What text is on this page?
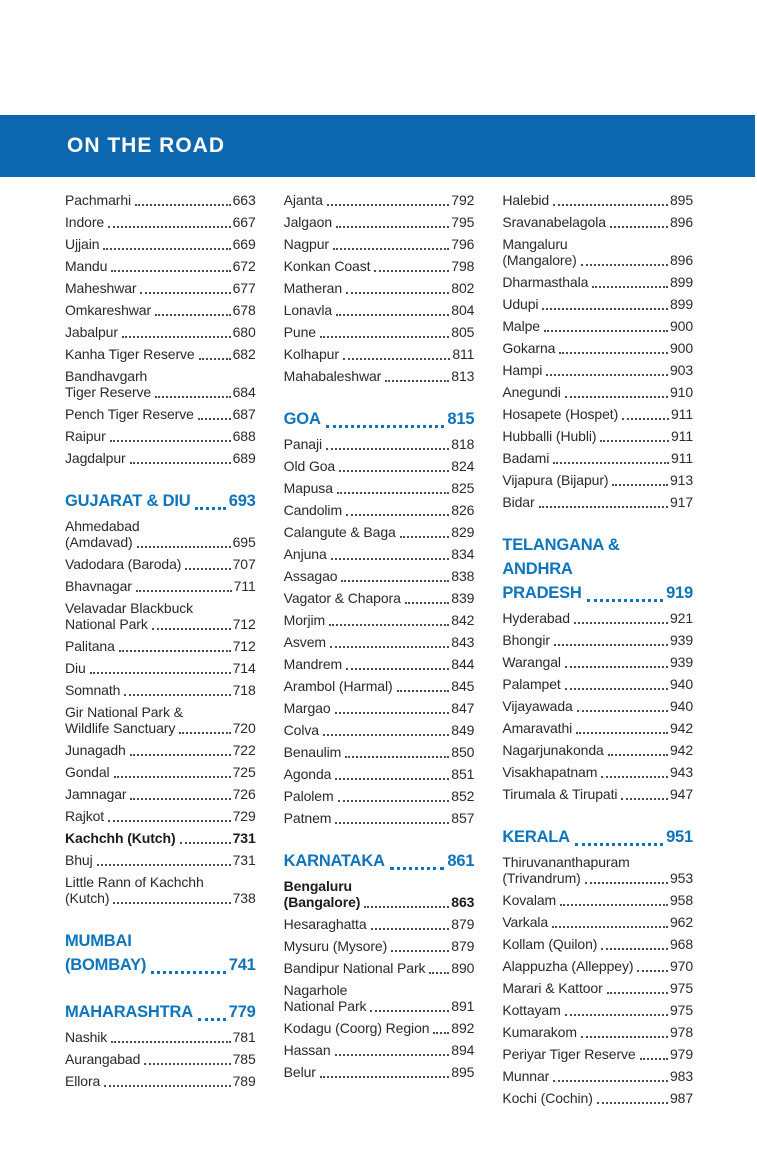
ON THE ROAD
Pachmarhi	663
Indore	667
Ujjain	669
Mandu	672
Maheshwar	677
Omkareshwar	678
Jabalpur	680
Kanha Tiger Reserve	682
Bandhavgarh
Tiger Reserve	684
Pench Tiger Reserve	687
Raipur	688
Jagdalpur	689
GUJARAT & DIU 693
Ahmedabad
(Amdavad)	695
Vadodara (Baroda)	707
Bhavnagar	711
Velavadar Blackbuck
National Park	712
Palitana	712
Diu	714
Somnath	718
Gir National Park &
Wildlife Sanctuary	720
Junagadh	722
Gondal	725
Jamnagar	726
Rajkot	729
Kachchh (Kutch)	731
Bhuj	731
Little Rann of Kachchh
(Kutch)	738
MUMBAI
(BOMBAY)	741
MAHARASHTRA 779
Nashik	781
Aurangabad	785
Ellora	789
Ajanta	792
Jalgaon	795
Nagpur	796
Konkan Coast	798
Matheran	802
Lonavla	804
Pune	805
Kolhapur	811
Mahabaleshwar	813
GOA	815
Panaji	818
Old Goa	824
Mapusa	825
Candolim	826
Calangute & Baga	829
Anjuna	834
Assagao	838
Vagator & Chapora	839
Morjim	842
Asvem	843
Mandrem	844
Arambol (Harmal)	845
Margao	847
Colva	849
Benaulim	850
Agonda	851
Palolem	852
Patnem	857
KARNATAKA	861
Bengaluru
(Bangalore)	863
Hesaraghatta	879
Mysuru (Mysore)	879
Bandipur National Park 890
Nagarhole
National Park	891
Kodagu (Coorg) Region 892
Hassan	894
Belur	895
Halebid	895
Sravanabelagola	896
Mangaluru
(Mangalore)	896
Dharmasthala	899
Udupi	899
Malpe	900
Gokarna	900
Hampi	903
Anegundi	910
Hosapete (Hospet)	911
Hubballi (Hubli)	911
Badami	911
Vijapura (Bijapur)	913
Bidar	917
TELANGANA & ANDHRA
PRADESH	919
Hyderabad	921
Bhongir	939
Warangal	939
Palampet	940
Vijayawada	940
Amaravathi	942
Nagarjunakonda	942
Visakhapatnam	943
Tirumala & Tirupati	947
KERALA	951
Thiruvananthapuram
(Trivandrum)	953
Kovalam	958
Varkala	962
Kollam (Quilon)	968
Alappuzha (Alleppey)	970
Marari & Kattoor	975
Kottayam	975
Kumarakom	978
Periyar Tiger Reserve 979
Munnar	983
Kochi (Cochin)	987
